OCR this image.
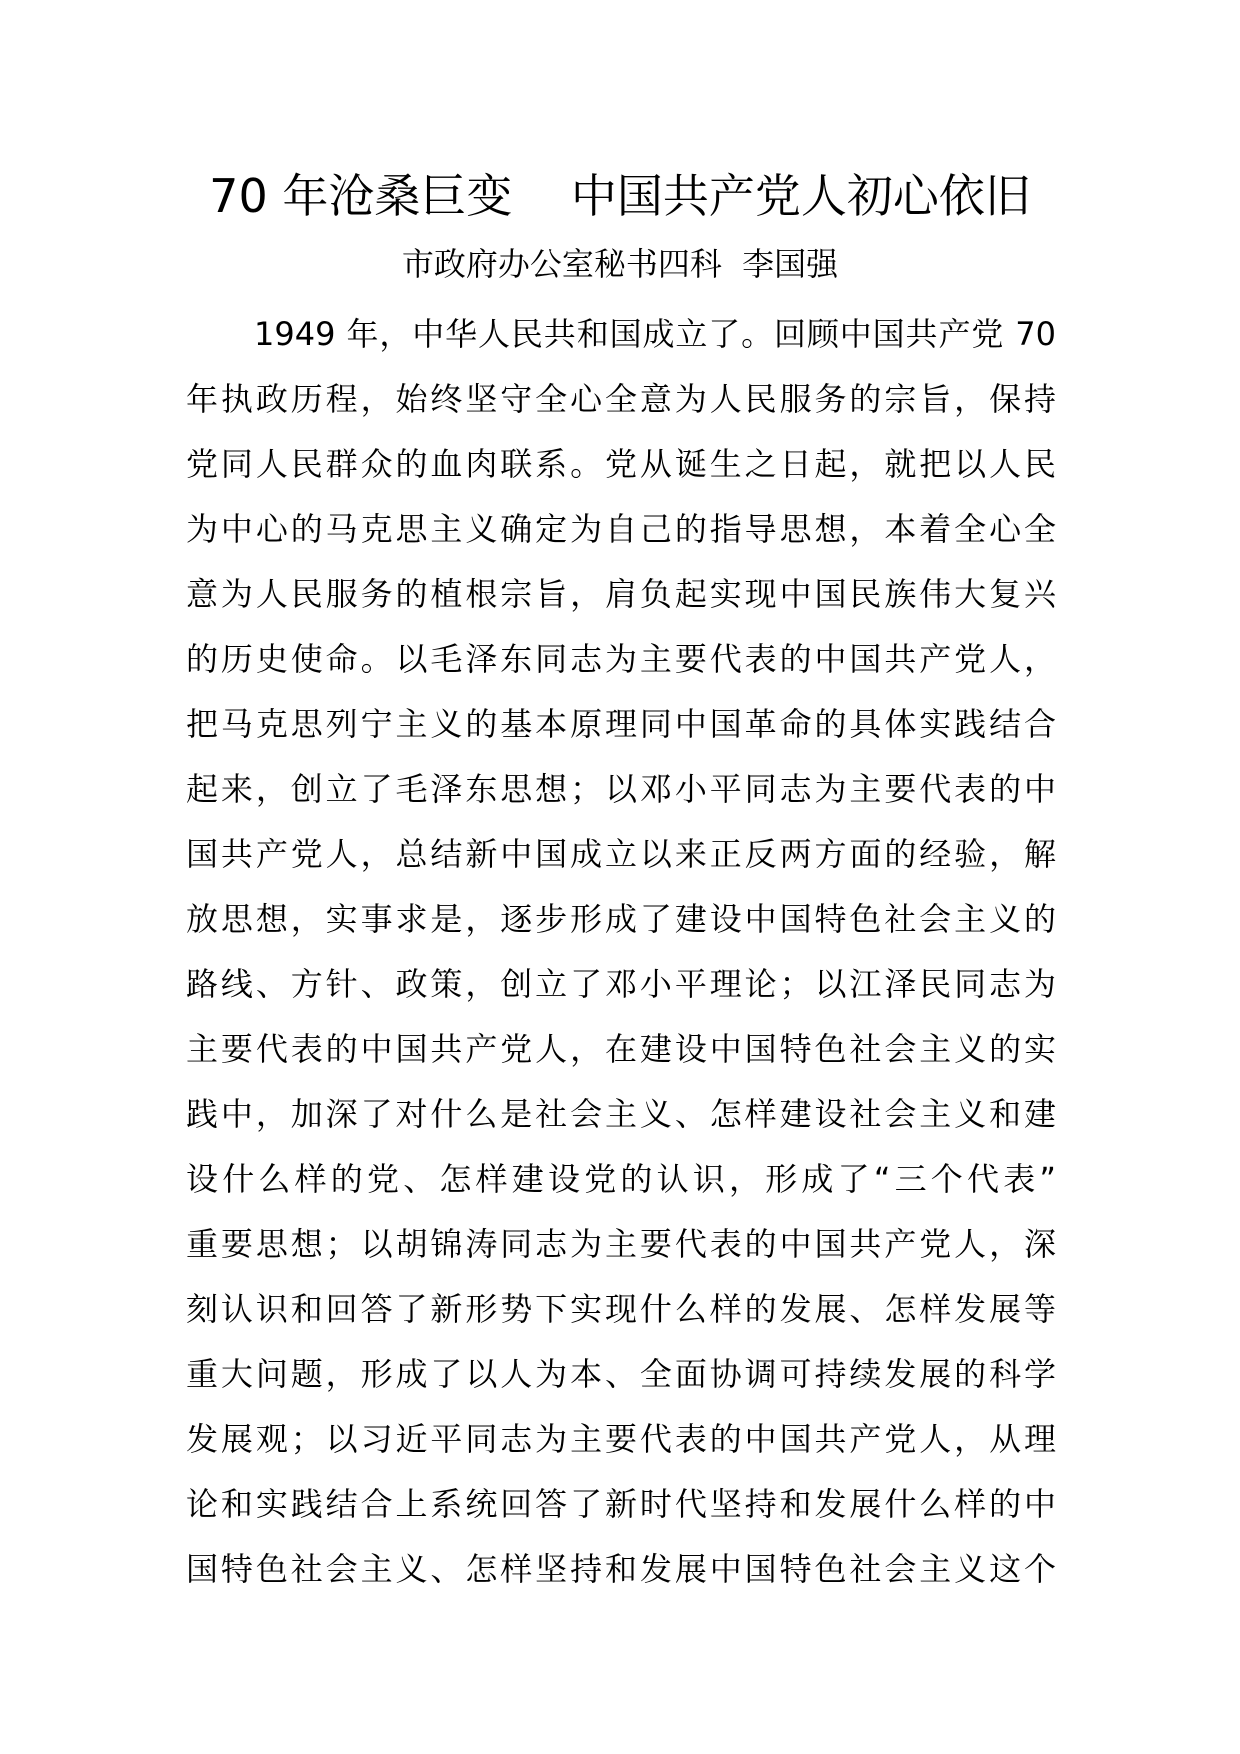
70 年沧桑巨变    中国共产党人初心依旧

市政府办公室秘书四科  李国强

1949 年，中华人民共和国成立了。回顾中国共产党 70
年执政历程，始终坚守全心全意为人民服务的宗旨，保持
党同人民群众的血肉联系。党从诞生之日起，就把以人民
为中心的马克思主义确定为自己的指导思想，本着全心全
意为人民服务的植根宗旨，肩负起实现中国民族伟大复兴
的历史使命。以毛泽东同志为主要代表的中国共产党人，
把马克思列宁主义的基本原理同中国革命的具体实践结合
起来，创立了毛泽东思想；以邓小平同志为主要代表的中
国共产党人，总结新中国成立以来正反两方面的经验，解
放思想，实事求是，逐步形成了建设中国特色社会主义的
路线、方针、政策，创立了邓小平理论；以江泽民同志为
主要代表的中国共产党人，在建设中国特色社会主义的实
践中，加深了对什么是社会主义、怎样建设社会主义和建
设什么样的党、怎样建设党的认识，形成了“三个代表”
重要思想；以胡锦涛同志为主要代表的中国共产党人，深
刻认识和回答了新形势下实现什么样的发展、怎样发展等
重大问题，形成了以人为本、全面协调可持续发展的科学
发展观；以习近平同志为主要代表的中国共产党人，从理
论和实践结合上系统回答了新时代坚持和发展什么样的中
国特色社会主义、怎样坚持和发展中国特色社会主义这个
